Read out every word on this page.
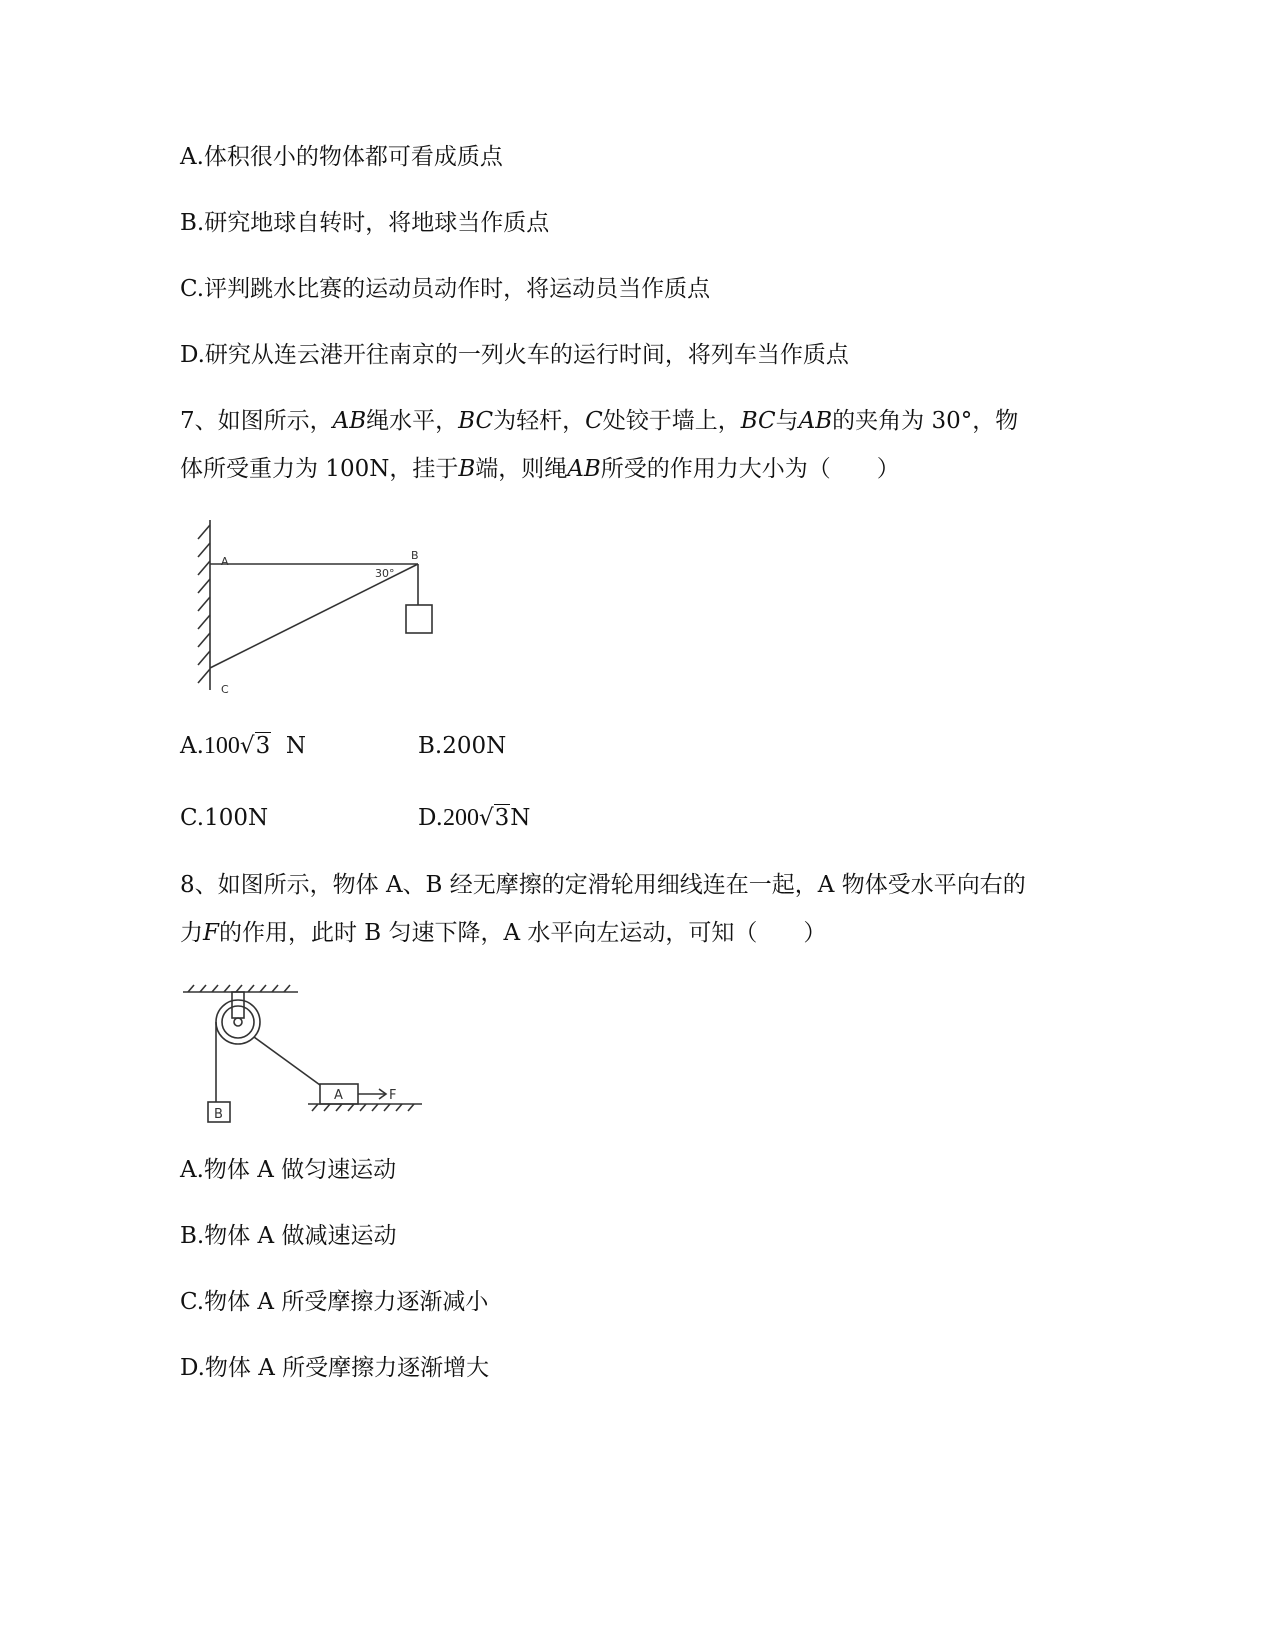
A.体积很小的物体都可看成质点
B.研究地球自转时，将地球当作质点
C.评判跳水比赛的运动员动作时，将运动员当作质点
D.研究从连云港开往南京的一列火车的运行时间，将列车当作质点
7、如图所示，AB绳水平，BC为轻杆，C处铰于墙上，BC与AB的夹角为 30°，物
体所受重力为 100N，挂于B端，则绳AB所受的作用力大小为（　　）
A	B
30°
C
A.100√3 N	B.200N
C.100N	D.200√3N
8、如图所示，物体 A、B 经无摩擦的定滑轮用细线连在一起，A 物体受水平向右的
力F的作用，此时 B 匀速下降，A 水平向左运动，可知（　　）
A
B
F
A.物体 A 做匀速运动
B.物体 A 做减速运动
C.物体 A 所受摩擦力逐渐减小
D.物体 A 所受摩擦力逐渐增大
